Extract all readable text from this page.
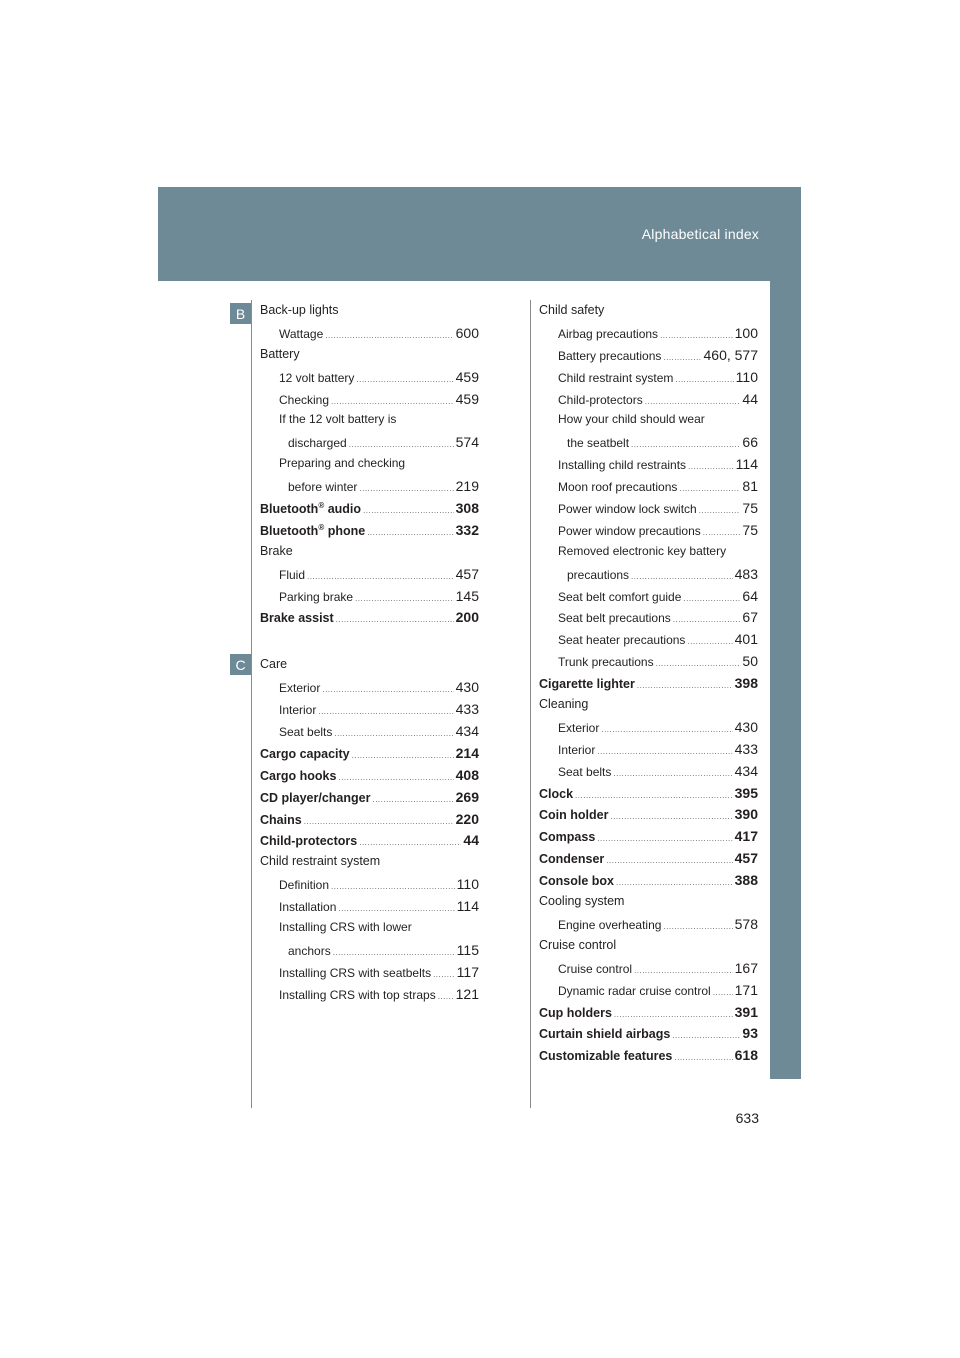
Alphabetical index
B
C
Back-up lights
Wattage .....	600
Battery
12 volt battery .....	459
Checking .....	459
If the 12 volt battery is
discharged .....	574
Preparing and checking
before winter .....	219
Bluetooth® audio .....	308
Bluetooth® phone .....	332
Brake
Fluid .....	457
Parking brake .....	145
Brake assist .....	200
Care
Exterior .....	430
Interior .....	433
Seat belts .....	434
Cargo capacity .....	214
Cargo hooks .....	408
CD player/changer .....	269
Chains .....	220
Child-protectors .....	44
Child restraint system
Definition .....	110
Installation .....	114
Installing CRS with lower
anchors .....	115
Installing CRS with seatbelts ..... 117
Installing CRS with top straps ..... 121
Child safety
Airbag precautions .....	100
Battery precautions .....	460, 577
Child restraint system .....	110
Child-protectors .....	44
How your child should wear
the seatbelt .....	66
Installing child restraints .....	114
Moon roof precautions .....	81
Power window lock switch .....	75
Power window precautions .....	75
Removed electronic key battery
precautions .....	483
Seat belt comfort guide .....	64
Seat belt precautions .....	67
Seat heater precautions .....	401
Trunk precautions .....	50
Cigarette lighter .....	398
Cleaning
Exterior .....	430
Interior .....	433
Seat belts .....	434
Clock .....	395
Coin holder .....	390
Compass .....	417
Condenser .....	457
Console box .....	388
Cooling system
Engine overheating .....	578
Cruise control
Cruise control .....	167
Dynamic radar cruise control ..... 171
Cup holders .....	391
Curtain shield airbags .....	93
Customizable features .....	618
633
